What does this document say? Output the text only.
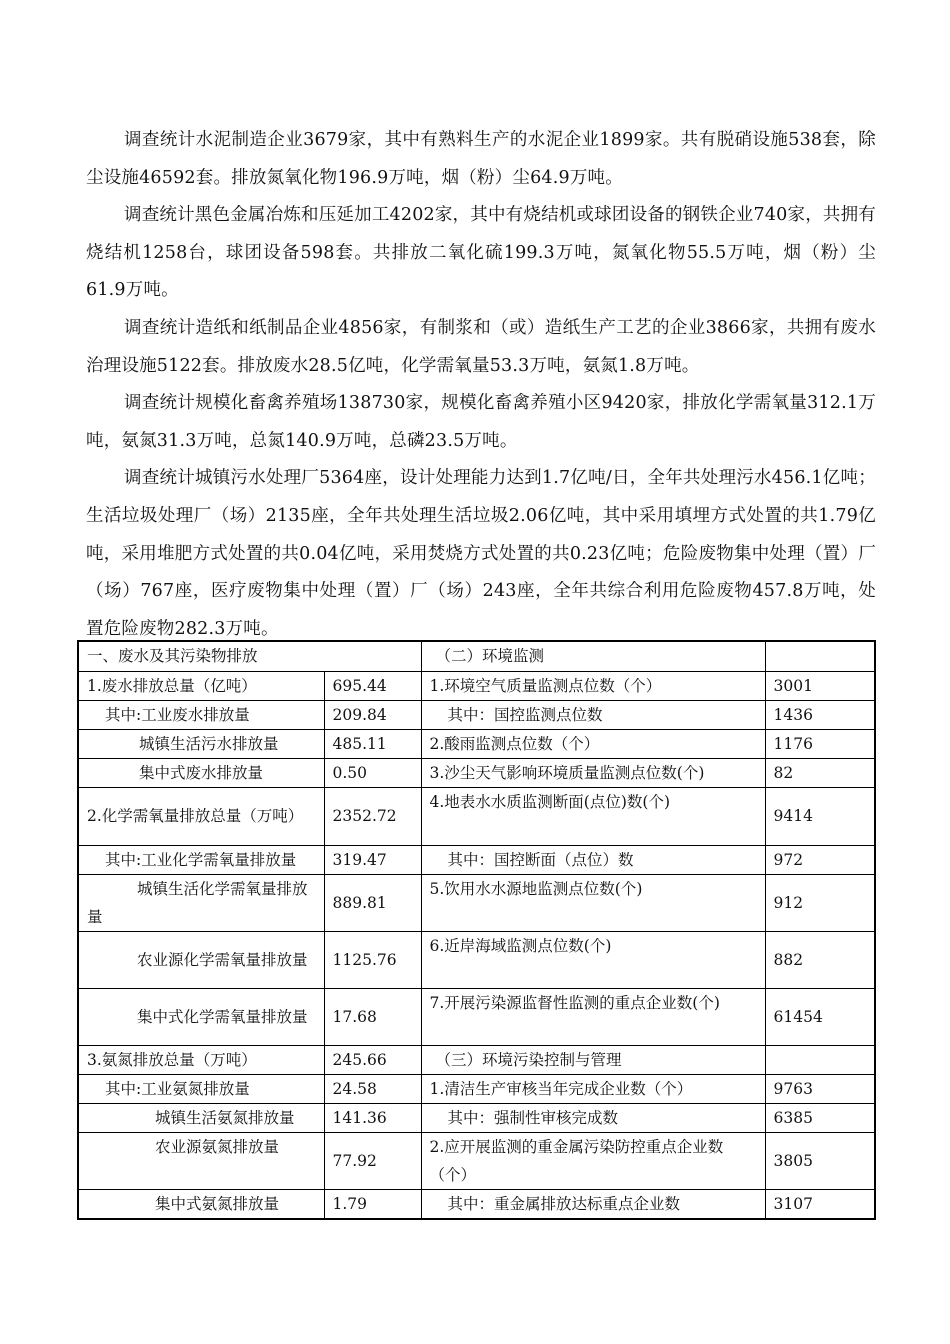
调查统计水泥制造企业3679家，其中有熟料生产的水泥企业1899家。共有脱硝设施538套，除尘设施46592套。排放氮氧化物196.9万吨，烟（粉）尘64.9万吨。

调查统计黑色金属冶炼和压延加工4202家，其中有烧结机或球团设备的钢铁企业740家，共拥有烧结机1258台，球团设备598套。共排放二氧化硫199.3万吨，氮氧化物55.5万吨，烟（粉）尘61.9万吨。

调查统计造纸和纸制品企业4856家，有制浆和（或）造纸生产工艺的企业3866家，共拥有废水治理设施5122套。排放废水28.5亿吨，化学需氧量53.3万吨，氨氮1.8万吨。

调查统计规模化畜禽养殖场138730家，规模化畜禽养殖小区9420家，排放化学需氧量312.1万吨，氨氮31.3万吨，总氮140.9万吨，总磷23.5万吨。

调查统计城镇污水处理厂5364座，设计处理能力达到1.7亿吨/日，全年共处理污水456.1亿吨；生活垃圾处理厂（场）2135座，全年共处理生活垃圾2.06亿吨，其中采用填埋方式处置的共1.79亿吨，采用堆肥方式处置的共0.04亿吨，采用焚烧方式处置的共0.23亿吨；危险废物集中处理（置）厂（场）767座，医疗废物集中处理（置）厂（场）243座，全年共综合利用危险废物457.8万吨，处置危险废物282.3万吨。

一、废水及其污染物排放		（二）环境监测	
1.废水排放总量（亿吨）	695.44	1.环境空气质量监测点位数（个）	3001
其中:工业废水排放量	209.84	其中：国控监测点位数	1436
城镇生活污水排放量	485.11	2.酸雨监测点位数（个）	1176
集中式废水排放量	0.50	3.沙尘天气影响环境质量监测点位数(个)	82
2.化学需氧量排放总量（万吨）	2352.72	4.地表水水质监测断面(点位)数(个)	9414
其中:工业化学需氧量排放量	319.47	其中：国控断面（点位）数	972
城镇生活化学需氧量排放量	889.81	5.饮用水水源地监测点位数(个)	912
农业源化学需氧量排放量	1125.76	6.近岸海域监测点位数(个)	882
集中式化学需氧量排放量	17.68	7.开展污染源监督性监测的重点企业数(个)	61454
3.氨氮排放总量（万吨）	245.66	（三）环境污染控制与管理	
其中:工业氨氮排放量	24.58	1.清洁生产审核当年完成企业数（个）	9763
城镇生活氨氮排放量	141.36	其中：强制性审核完成数	6385
农业源氨氮排放量	77.92	2.应开展监测的重金属污染防控重点企业数（个）	3805
集中式氨氮排放量	1.79	其中：重金属排放达标重点企业数	3107
